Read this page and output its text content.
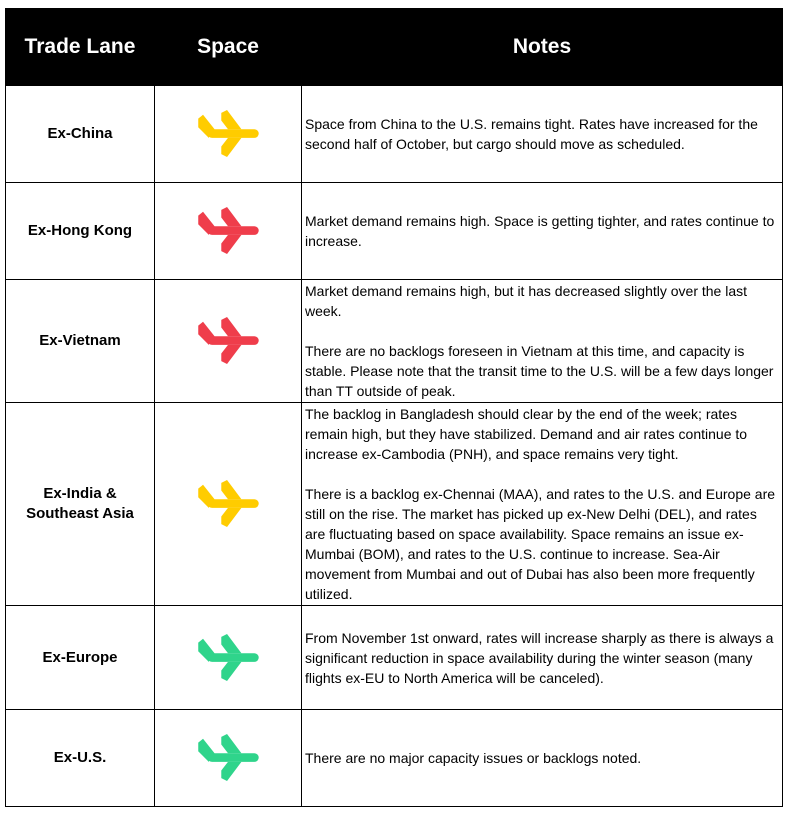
Trade Lane	Space	Notes
Ex-China		Space from China to the U.S. remains tight. Rates have increased for the second half of October, but cargo should move as scheduled.

Ex-Hong Kong		Market demand remains high. Space is getting tighter, and rates continue to increase.

Ex-Vietnam		Market demand remains high, but it has decreased slightly over the last week.

There are no backlogs foreseen in Vietnam at this time, and capacity is stable. Please note that the transit time to the U.S. will be a few days longer than TT outside of peak.

Ex-India & Southeast Asia		The backlog in Bangladesh should clear by the end of the week; rates remain high, but they have stabilized. Demand and air rates continue to increase ex-Cambodia (PNH), and space remains very tight.

There is a backlog ex-Chennai (MAA), and rates to the U.S. and Europe are still on the rise. The market has picked up ex-New Delhi (DEL), and rates are fluctuating based on space availability. Space remains an issue ex-Mumbai (BOM), and rates to the U.S. continue to increase. Sea-Air movement from Mumbai and out of Dubai has also been more frequently utilized.

Ex-Europe		From November 1st onward, rates will increase sharply as there is always a significant reduction in space availability during the winter season (many flights ex-EU to North America will be canceled).

Ex-U.S.		There are no major capacity issues or backlogs noted.
